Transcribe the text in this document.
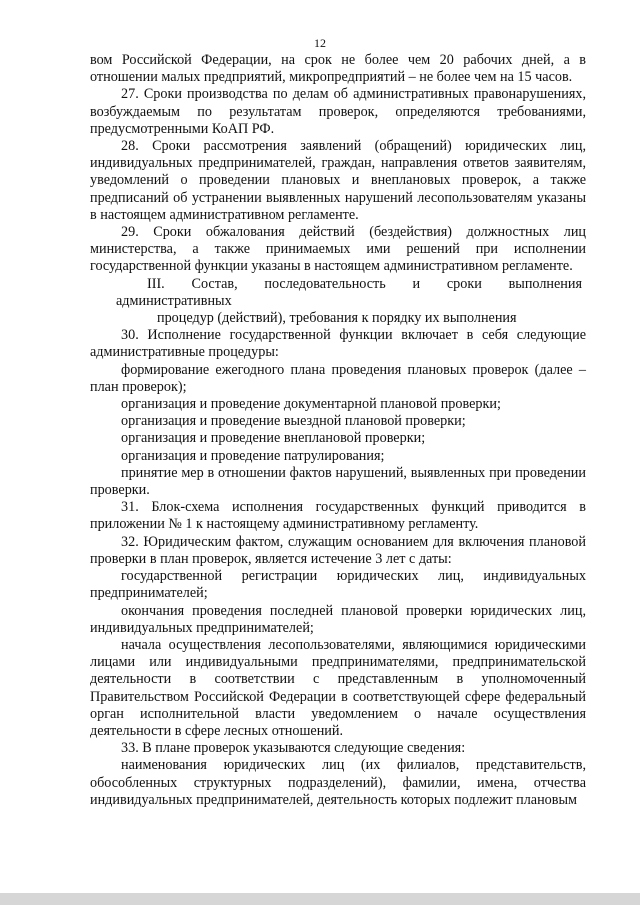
12

вом Российской Федерации, на срок не более чем 20 рабочих дней, а в отношении малых предприятий, микропредприятий – не более чем на 15 часов.

27. Сроки производства по делам об административных правонарушениях, возбуждаемым по результатам проверок, определяются требованиями, предусмотренными КоАП РФ.

28. Сроки рассмотрения заявлений (обращений) юридических лиц, индивидуальных предпринимателей, граждан, направления ответов заявителям, уведомлений о проведении плановых и внеплановых проверок, а также предписаний об устранении выявленных нарушений лесопользователям указаны в настоящем административном регламенте.

29. Сроки обжалования действий (бездействия) должностных лиц министерства, а также принимаемых ими решений при исполнении государственной функции указаны в настоящем административном регламенте.

III. Состав, последовательность и сроки выполнения административных
процедур (действий), требования к порядку их выполнения

30. Исполнение государственной функции включает в себя следующие административные процедуры:

формирование ежегодного плана проведения плановых проверок (далее – план проверок);

организация и проведение документарной плановой проверки;

организация и проведение выездной плановой проверки;

организация и проведение внеплановой проверки;

организация и проведение патрулирования;

принятие мер в отношении фактов нарушений, выявленных при проведении проверки.

31. Блок-схема исполнения государственных функций приводится в приложении № 1 к настоящему административному регламенту.

32. Юридическим фактом, служащим основанием для включения плановой проверки в план проверок, является истечение 3 лет с даты:

государственной регистрации юридических лиц, индивидуальных предпринимателей;

окончания проведения последней плановой проверки юридических лиц, индивидуальных предпринимателей;

начала осуществления лесопользователями, являющимися юридическими лицами или индивидуальными предпринимателями, предпринимательской деятельности в соответствии с представленным в уполномоченный Правительством Российской Федерации в соответствующей сфере федеральный орган исполнительной власти уведомлением о начале осуществления деятельности в сфере лесных отношений.

33. В плане проверок указываются следующие сведения:

наименования юридических лиц (их филиалов, представительств, обособленных структурных подразделений), фамилии, имена, отчества индивидуальных предпринимателей, деятельность которых подлежит плановым
